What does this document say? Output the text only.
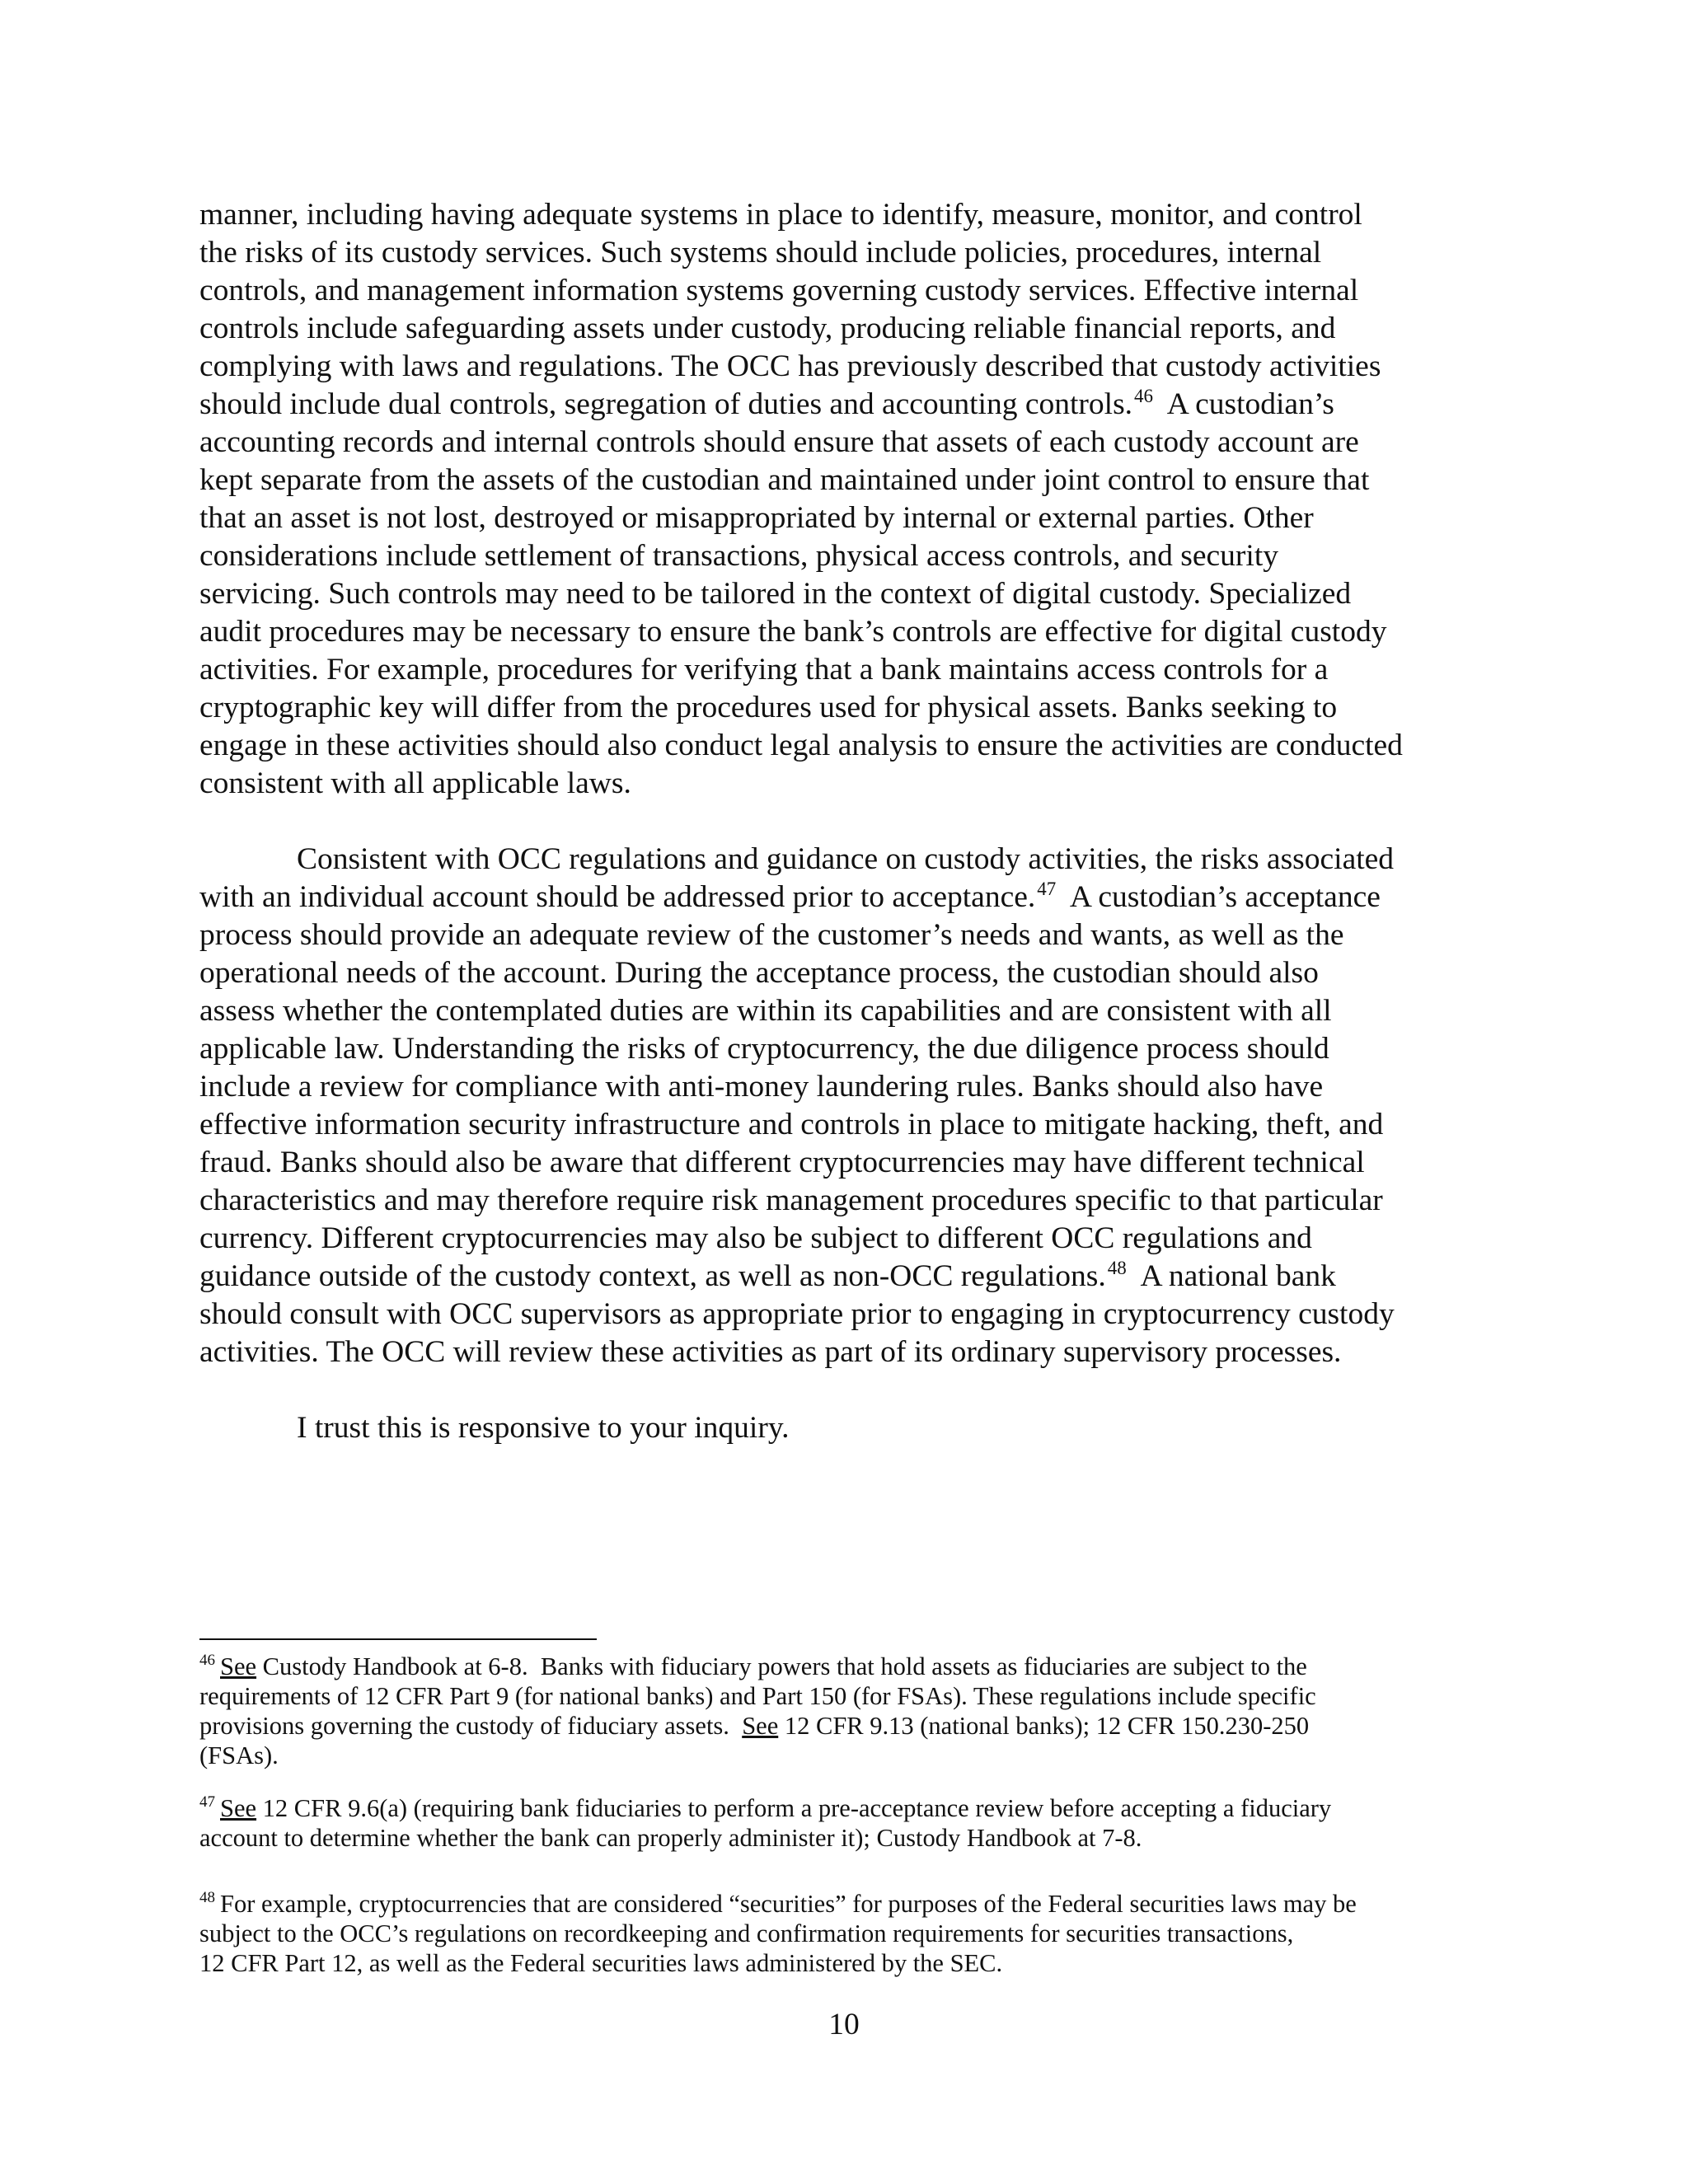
manner, including having adequate systems in place to identify, measure, monitor, and control
the risks of its custody services. Such systems should include policies, procedures, internal
controls, and management information systems governing custody services. Effective internal
controls include safeguarding assets under custody, producing reliable financial reports, and
complying with laws and regulations. The OCC has previously described that custody activities
should include dual controls, segregation of duties and accounting controls.$^{46}$  A custodian’s
accounting records and internal controls should ensure that assets of each custody account are
kept separate from the assets of the custodian and maintained under joint control to ensure that
that an asset is not lost, destroyed or misappropriated by internal or external parties. Other
considerations include settlement of transactions, physical access controls, and security
servicing. Such controls may need to be tailored in the context of digital custody. Specialized
audit procedures may be necessary to ensure the bank’s controls are effective for digital custody
activities. For example, procedures for verifying that a bank maintains access controls for a
cryptographic key will differ from the procedures used for physical assets. Banks seeking to
engage in these activities should also conduct legal analysis to ensure the activities are conducted
consistent with all applicable laws.

Consistent with OCC regulations and guidance on custody activities, the risks associated
with an individual account should be addressed prior to acceptance.$^{47}$  A custodian’s acceptance
process should provide an adequate review of the customer’s needs and wants, as well as the
operational needs of the account. During the acceptance process, the custodian should also
assess whether the contemplated duties are within its capabilities and are consistent with all
applicable law. Understanding the risks of cryptocurrency, the due diligence process should
include a review for compliance with anti-money laundering rules. Banks should also have
effective information security infrastructure and controls in place to mitigate hacking, theft, and
fraud. Banks should also be aware that different cryptocurrencies may have different technical
characteristics and may therefore require risk management procedures specific to that particular
currency. Different cryptocurrencies may also be subject to different OCC regulations and
guidance outside of the custody context, as well as non-OCC regulations.$^{48}$  A national bank
should consult with OCC supervisors as appropriate prior to engaging in cryptocurrency custody
activities. The OCC will review these activities as part of its ordinary supervisory processes.

I trust this is responsive to your inquiry.

$^{46}$ See Custody Handbook at 6-8.  Banks with fiduciary powers that hold assets as fiduciaries are subject to the
requirements of 12 CFR Part 9 (for national banks) and Part 150 (for FSAs). These regulations include specific
provisions governing the custody of fiduciary assets.  See 12 CFR 9.13 (national banks); 12 CFR 150.230-250
(FSAs).

$^{47}$ See 12 CFR 9.6(a) (requiring bank fiduciaries to perform a pre-acceptance review before accepting a fiduciary
account to determine whether the bank can properly administer it); Custody Handbook at 7-8.

$^{48}$ For example, cryptocurrencies that are considered “securities” for purposes of the Federal securities laws may be
subject to the OCC’s regulations on recordkeeping and confirmation requirements for securities transactions,
12 CFR Part 12, as well as the Federal securities laws administered by the SEC.

10
